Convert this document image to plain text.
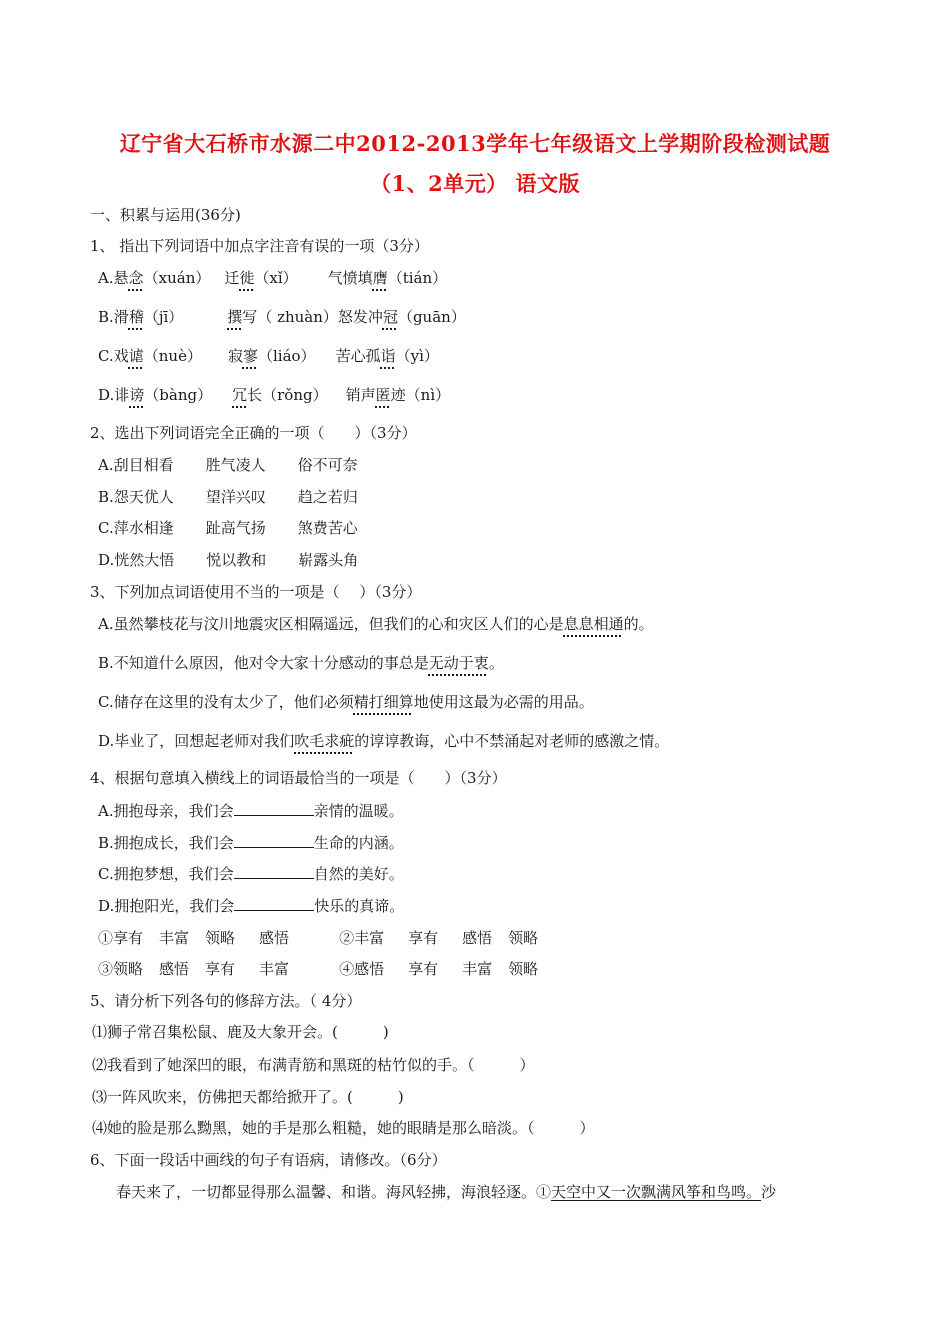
辽宁省大石桥市水源二中2012-2013学年七年级语文上学期阶段检测试题
（1、2单元） 语文版
一、积累与运用(36分)
1、 指出下列词语中加点字注音有误的一项（3分）
A.悬念（xuán） 迁徙（xǐ） 气愤填膺（tián）
B.滑稽（jī）	撰写（ zhuàn）怒发冲冠（guān）
C.戏谑（nuè） 寂寥（liáo） 苦心孤诣（yì）
D.诽谤（bàng） 冗长（rǒng） 销声匿迹（nì）
2、选出下列词语完全正确的一项（　　）（3分）
A.刮目相看 胜气凌人 俗不可奈
B.怨天优人 望洋兴叹 趋之若归
C.萍水相逢 趾高气扬 煞费苦心
D.恍然大悟 悦以教和 崭露头角
3、下列加点词语使用不当的一项是（　 ）（3分）
A.虽然攀枝花与汶川地震灾区相隔遥远，但我们的心和灾区人们的心是息息相通的。
B.不知道什么原因，他对令大家十分感动的事总是无动于衷。
C.储存在这里的没有太少了，他们必须精打细算地使用这最为必需的用品。
D.毕业了，回想起老师对我们吹毛求疵的谆谆教诲，心中不禁涌起对老师的感激之情。
4、根据句意填入横线上的词语最恰当的一项是（　　）（3分）
A.拥抱母亲，我们会	亲情的温暖。
B.拥抱成长，我们会	生命的内涵。
C.拥抱梦想，我们会	自然的美好。
D.拥抱阳光，我们会	快乐的真谛。
①享有 丰富 领略 感悟	②丰富 享有 感悟 领略
③领略 感悟 享有 丰富	④感悟 享有 丰富 领略
5、请分析下列各句的修辞方法。（ 4分）
⑴狮子常召集松鼠、鹿及大象开会。(　　　)
⑵我看到了她深凹的眼，布满青筋和黑斑的枯竹似的手。（　　　）
⑶一阵风吹来，仿佛把天都给掀开了。(　　　)
⑷她的脸是那么黝黑，她的手是那么粗糙，她的眼睛是那么暗淡。（　　　）
6、下面一段话中画线的句子有语病，请修改。（6分）
春天来了，一切都显得那么温馨、和谐。海风轻拂，海浪轻逐。①天空中又一次飘满风筝和鸟鸣。沙
